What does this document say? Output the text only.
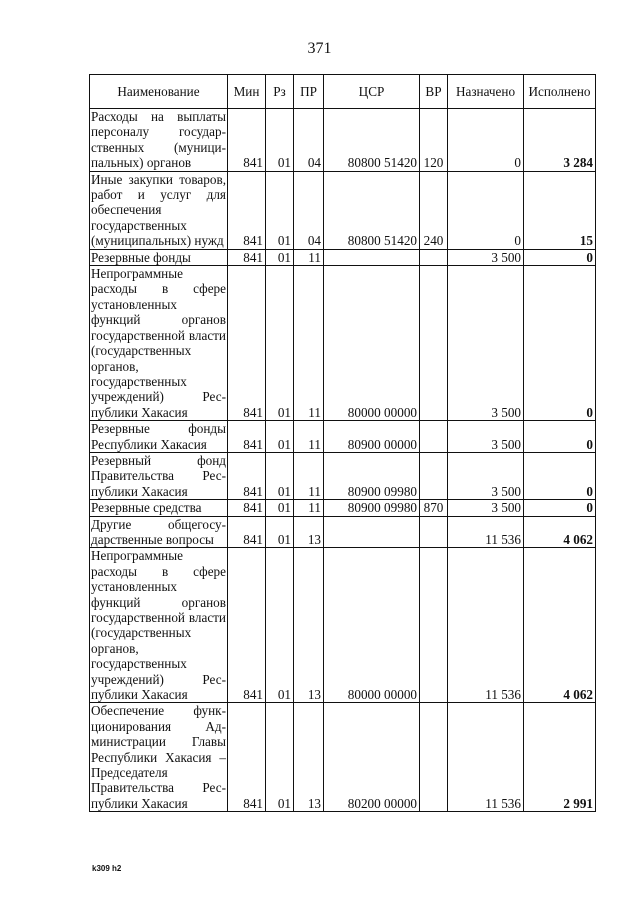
371
Наименование	Мин	Рз	ПР	ЦСР	ВР	Назначено	Исполнено
Расходы на выплаты персоналу государственных (муниципальных) органов	841	01	04	80800 51420	120	0	3 284
Иные закупки товаров, работ и услуг для обеспечения государственных (муниципальных) нужд	841	01	04	80800 51420	240	0	15
Резервные фонды	841	01	11			3 500	0
Непрограммные расходы в сфере установленных функций органов государственной власти (государственных органов, государственных учреждений) Республики Хакасия	841	01	11	80000 00000		3 500	0
Резервные фонды Республики Хакасия	841	01	11	80900 00000		3 500	0
Резервный фонд Правительства Республики Хакасия	841	01	11	80900 09980		3 500	0
Резервные средства	841	01	11	80900 09980	870	3 500	0
Другие общегосударственные вопросы	841	01	13			11 536	4 062
Непрограммные расходы в сфере установленных функций органов государственной власти (государственных органов, государственных учреждений) Республики Хакасия	841	01	13	80000 00000		11 536	4 062
Обеспечение функционирования Администрации Главы Республики Хакасия – Председателя Правительства Республики Хакасия	841	01	13	80200 00000		11 536	2 991
k309 h2
